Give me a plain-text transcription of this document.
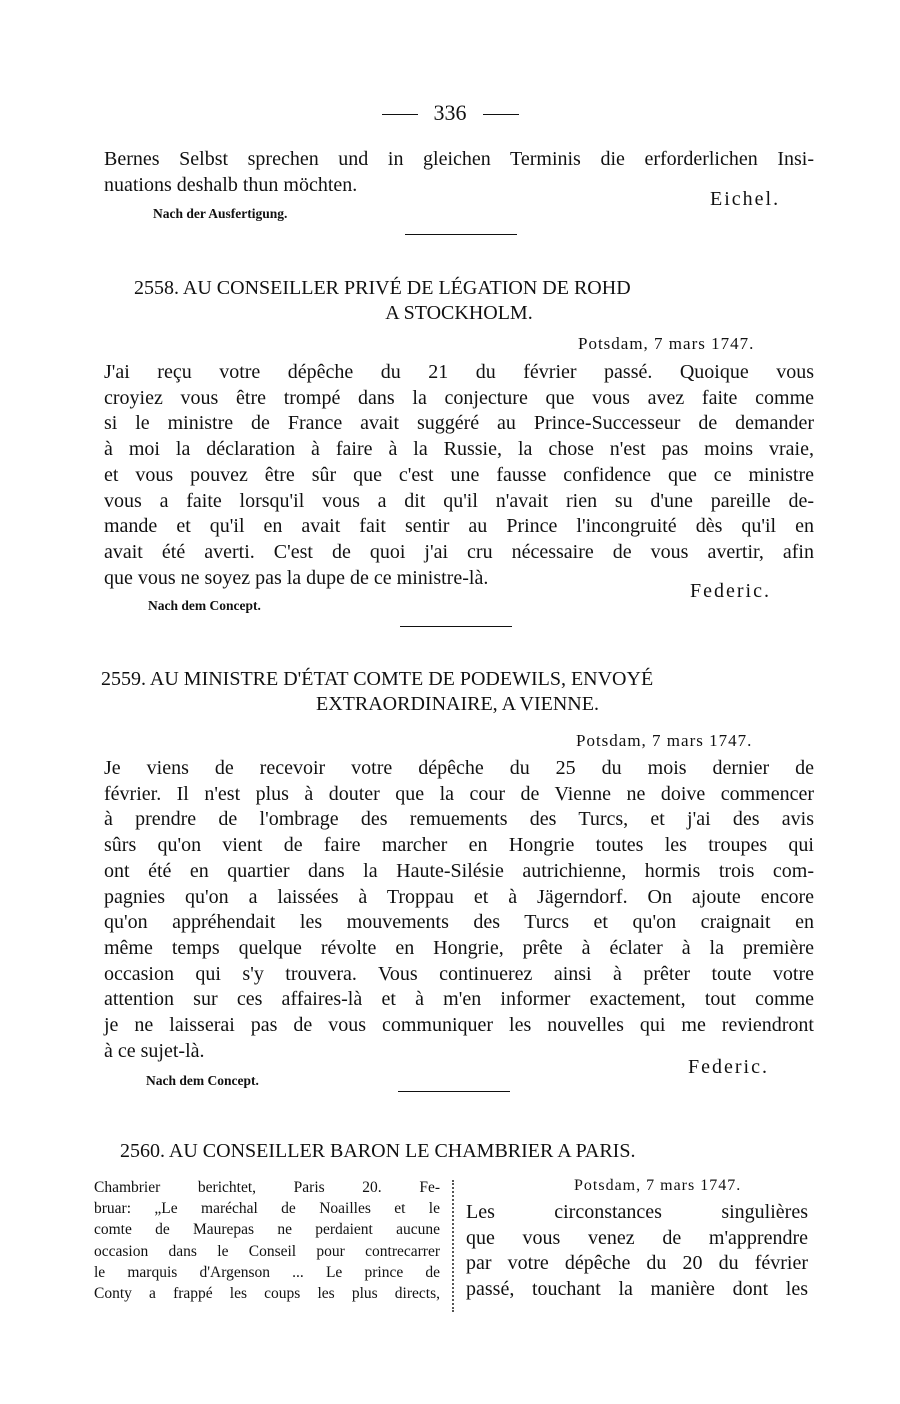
336
Bernes Selbst sprechen und in gleichen Terminis die erforderlichen Insi-
nuations deshalb thun möchten.
Eichel.
Nach der Ausfertigung.
2558. AU CONSEILLER PRIVÉ DE LÉGATION DE ROHD
A STOCKHOLM.
Potsdam, 7 mars 1747.
J'ai reçu votre dépêche du 21 du février passé. Quoique vous
croyiez vous être trompé dans la conjecture que vous avez faite comme
si le ministre de France avait suggéré au Prince-Successeur de demander
à moi la déclaration à faire à la Russie, la chose n'est pas moins vraie,
et vous pouvez être sûr que c'est une fausse confidence que ce ministre
vous a faite lorsqu'il vous a dit qu'il n'avait rien su d'une pareille de-
mande et qu'il en avait fait sentir au Prince l'incongruité dès qu'il en
avait été averti. C'est de quoi j'ai cru nécessaire de vous avertir, afin
que vous ne soyez pas la dupe de ce ministre-là.
Federic.
Nach dem Concept.
2559. AU MINISTRE D'ÉTAT COMTE DE PODEWILS, ENVOYÉ
EXTRAORDINAIRE, A VIENNE.
Potsdam, 7 mars 1747.
Je viens de recevoir votre dépêche du 25 du mois dernier de
février. Il n'est plus à douter que la cour de Vienne ne doive commencer
à prendre de l'ombrage des remuements des Turcs, et j'ai des avis
sûrs qu'on vient de faire marcher en Hongrie toutes les troupes qui
ont été en quartier dans la Haute-Silésie autrichienne, hormis trois com-
pagnies qu'on a laissées à Troppau et à Jägerndorf. On ajoute encore
qu'on appréhendait les mouvements des Turcs et qu'on craignait en
même temps quelque révolte en Hongrie, prête à éclater à la première
occasion qui s'y trouvera. Vous continuerez ainsi à prêter toute votre
attention sur ces affaires-là et à m'en informer exactement, tout comme
je ne laisserai pas de vous communiquer les nouvelles qui me reviendront
à ce sujet-là.
Federic.
Nach dem Concept.
2560. AU CONSEILLER BARON LE CHAMBRIER A PARIS.
Chambrier berichtet, Paris 20. Fe-
bruar: „Le maréchal de Noailles et le
comte de Maurepas ne perdaient aucune
occasion dans le Conseil pour contrecarrer
le marquis d'Argenson ... Le prince de
Conty a frappé les coups les plus directs,
Potsdam, 7 mars 1747.
Les circonstances singulières
que vous venez de m'apprendre
par votre dépêche du 20 du février
passé, touchant la manière dont les
